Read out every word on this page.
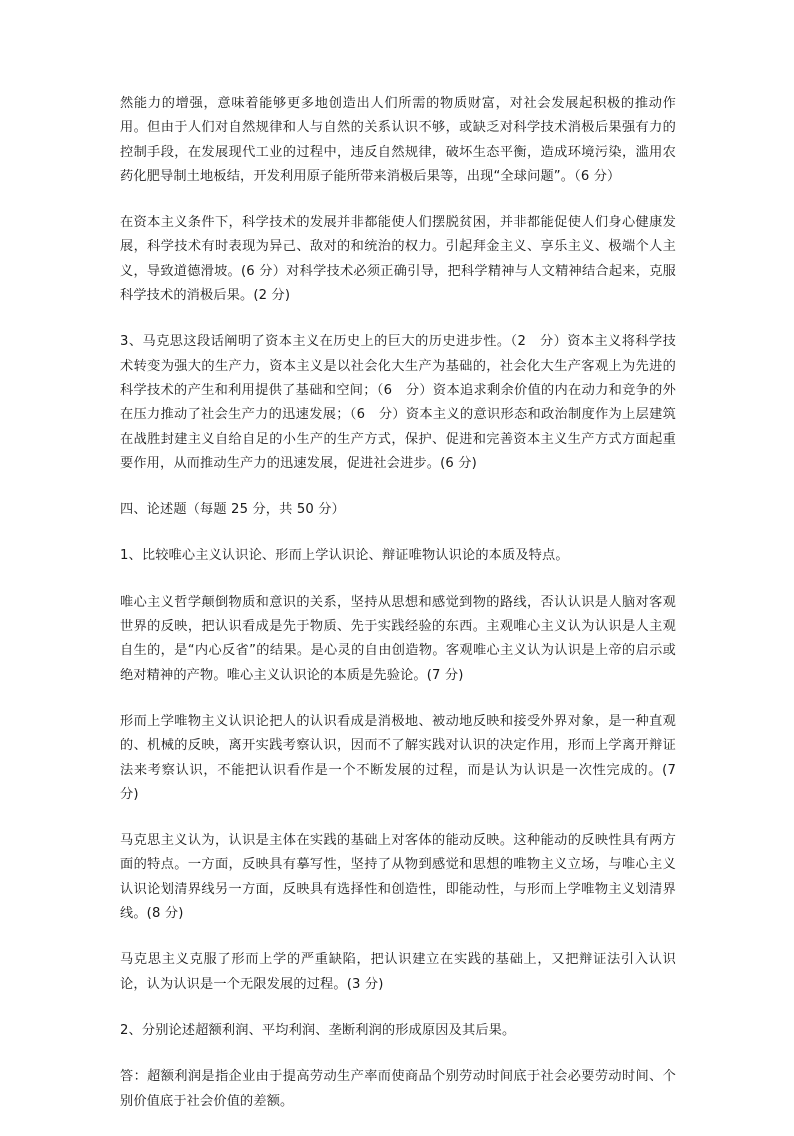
然能力的增强，意味着能够更多地创造出人们所需的物质财富，对社会发展起积极的推动作用。但由于人们对自然规律和人与自然的关系认识不够，或缺乏对科学技术消极后果强有力的控制手段，在发展现代工业的过程中，违反自然规律，破坏生态平衡，造成环境污染，滥用农药化肥导制土地板结，开发利用原子能所带来消极后果等，出现“全球问题”。（6 分）

在资本主义条件下，科学技术的发展并非都能使人们摆脱贫困，并非都能促使人们身心健康发展，科学技术有时表现为异己、敌对的和统治的权力。引起拜金主义、享乐主义、极端个人主义，导致道德滑坡。(6 分）对科学技术必须正确引导，把科学精神与人文精神结合起来，克服科学技术的消极后果。(2 分)

3、马克思这段话阐明了资本主义在历史上的巨大的历史进步性。（2　分）资本主义将科学技术转变为强大的生产力，资本主义是以社会化大生产为基础的，社会化大生产客观上为先进的科学技术的产生和利用提供了基础和空间；（6　分）资本追求剩余价值的内在动力和竞争的外在压力推动了社会生产力的迅速发展；（6　分）资本主义的意识形态和政治制度作为上层建筑在战胜封建主义自给自足的小生产的生产方式，保护、促进和完善资本主义生产方式方面起重要作用，从而推动生产力的迅速发展，促进社会进步。(6 分)

四、论述题（每题 25 分，共 50 分）

1、比较唯心主义认识论、形而上学认识论、辩证唯物认识论的本质及特点。

唯心主义哲学颠倒物质和意识的关系，坚持从思想和感觉到物的路线，否认认识是人脑对客观世界的反映，把认识看成是先于物质、先于实践经验的东西。主观唯心主义认为认识是人主观自生的，是“内心反省”的结果。是心灵的自由创造物。客观唯心主义认为认识是上帝的启示或绝对精神的产物。唯心主义认识论的本质是先验论。(7 分)

形而上学唯物主义认识论把人的认识看成是消极地、被动地反映和接受外界对象，是一种直观的、机械的反映，离开实践考察认识，因而不了解实践对认识的决定作用，形而上学离开辩证法来考察认识，不能把认识看作是一个不断发展的过程，而是认为认识是一次性完成的。(7 分)

马克思主义认为，认识是主体在实践的基础上对客体的能动反映。这种能动的反映性具有两方面的特点。一方面，反映具有摹写性，坚持了从物到感觉和思想的唯物主义立场，与唯心主义认识论划清界线另一方面，反映具有选择性和创造性，即能动性，与形而上学唯物主义划清界线。(8 分)

马克思主义克服了形而上学的严重缺陷，把认识建立在实践的基础上，又把辩证法引入认识论，认为认识是一个无限发展的过程。(3 分)

2、分别论述超额利润、平均利润、垄断利润的形成原因及其后果。

答：超额利润是指企业由于提高劳动生产率而使商品个别劳动时间底于社会必要劳动时间、个别价值底于社会价值的差额。
